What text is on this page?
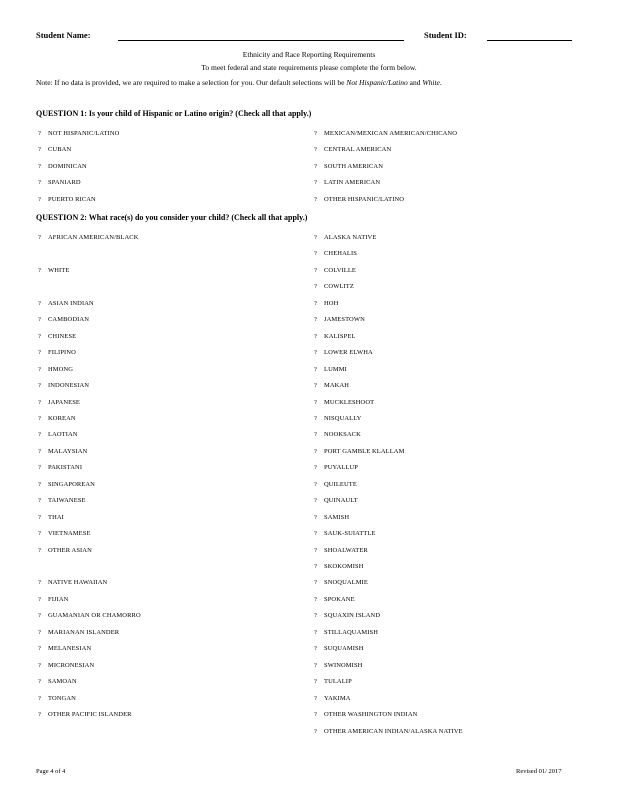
Student Name:	Student ID:
Ethnicity and Race Reporting Requirements
To meet federal and state requirements please complete the form below.
Note: If no data is provided, we are required to make a selection for you. Our default selections will be Not Hispanic/Latino and White.
QUESTION 1: Is your child of Hispanic or Latino origin? (Check all that apply.)
? NOT HISPANIC/LATINO
? CUBAN
? DOMINICAN
? SPANIARD
? PUERTO RICAN
? MEXICAN/MEXICAN AMERICAN/CHICANO
? CENTRAL AMERICAN
? SOUTH AMERICAN
? LATIN AMERICAN
? OTHER HISPANIC/LATINO
QUESTION 2: What race(s) do you consider your child? (Check all that apply.)
? AFRICAN AMERICAN/BLACK
? WHITE
? ASIAN INDIAN
? CAMBODIAN
? CHINESE
? FILIPINO
? HMONG
? INDONESIAN
? JAPANESE
? KOREAN
? LAOTIAN
? MALAYSIAN
? PAKISTANI
? SINGAPOREAN
? TAIWANESE
? THAI
? VIETNAMESE
? OTHER ASIAN
? NATIVE HAWAIIAN
? FIJIAN
? GUAMANIAN OR CHAMORRO
? MARIANAN ISLANDER
? MELANESIAN
? MICRONESIAN
? SAMOAN
? TONGAN
? OTHER PACIFIC ISLANDER
? ALASKA NATIVE
? CHEHALIS
? COLVILLE
? COWLITZ
? HOH
? JAMESTOWN
? KALISPEL
? LOWER ELWHA
? LUMMI
? MAKAH
? MUCKLESHOOT
? NISQUALLY
? NOOKSACK
? PORT GAMBLE KLALLAM
? PUYALLUP
? QUILEUTE
? QUINAULT
? SAMISH
? SAUK-SUIATTLE
? SHOALWATER
? SKOKOMISH
? SNOQUALMIE
? SPOKANE
? SQUAXIN ISLAND
? STILLAQUAMISH
? SUQUAMISH
? SWINOMISH
? TULALIP
? YAKIMA
? OTHER WASHINGTON INDIAN
? OTHER AMERICAN INDIAN/ALASKA NATIVE
Page 4 of 4	Revised 01/ 2017
